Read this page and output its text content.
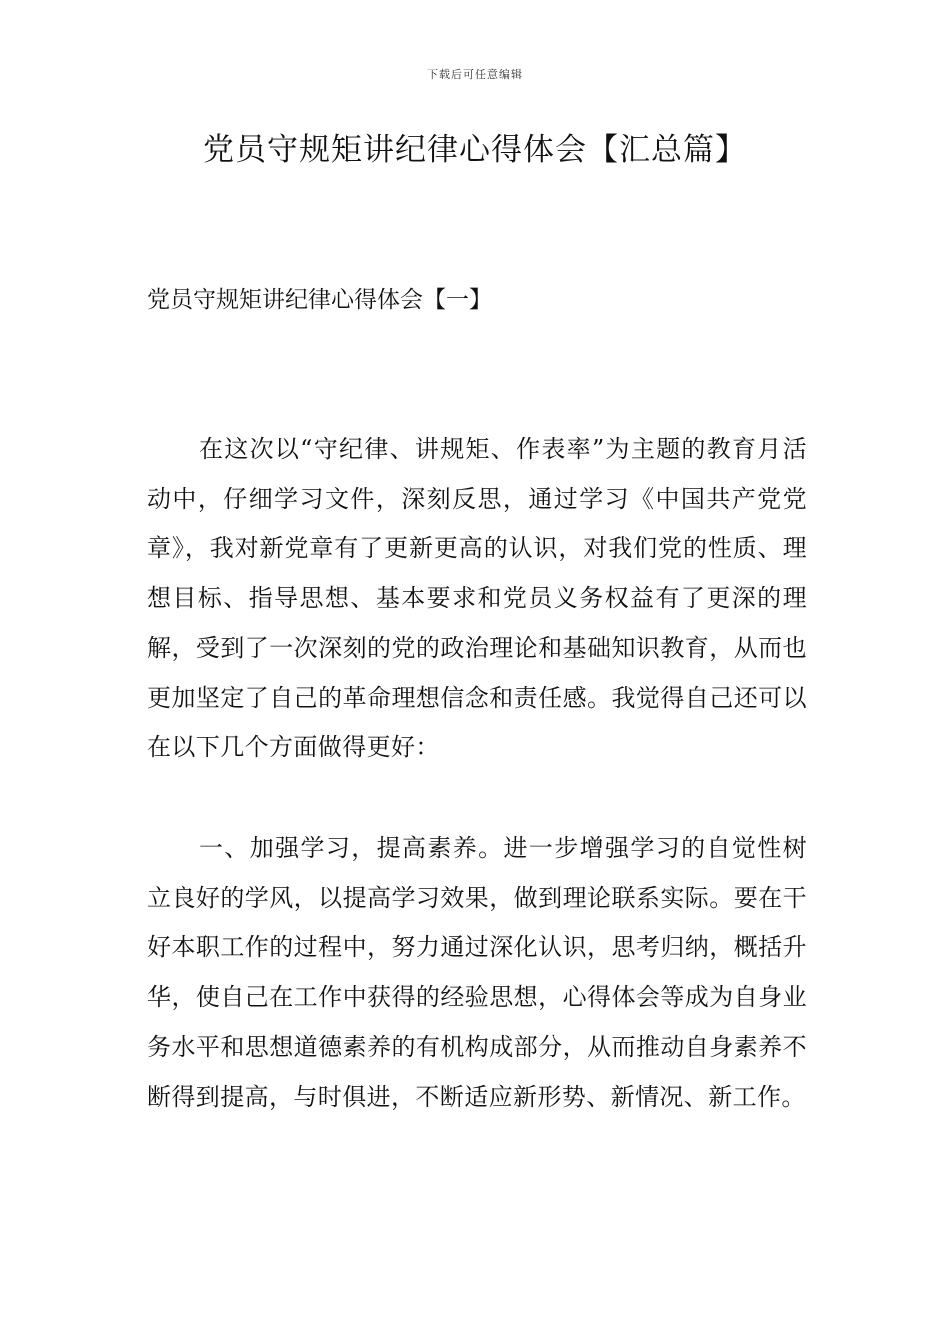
下载后可任意编辑
党员守规矩讲纪律心得体会【汇总篇】
党员守规矩讲纪律心得体会【一】

在这次以“守纪律、讲规矩、作表率”为主题的教育月活动中，仔细学习文件，深刻反思，通过学习《中国共产党党章》，我对新党章有了更新更高的认识，对我们党的性质、理想目标、指导思想、基本要求和党员义务权益有了更深的理解，受到了一次深刻的党的政治理论和基础知识教育，从而也更加坚定了自己的革命理想信念和责任感。我觉得自己还可以在以下几个方面做得更好：

一、加强学习，提高素养。进一步增强学习的自觉性树立良好的学风，以提高学习效果，做到理论联系实际。要在干好本职工作的过程中，努力通过深化认识，思考归纳，概括升华，使自己在工作中获得的经验思想，心得体会等成为自身业务水平和思想道德素养的有机构成部分，从而推动自身素养不断得到提高，与时俱进，不断适应新形势、新情况、新工作。
